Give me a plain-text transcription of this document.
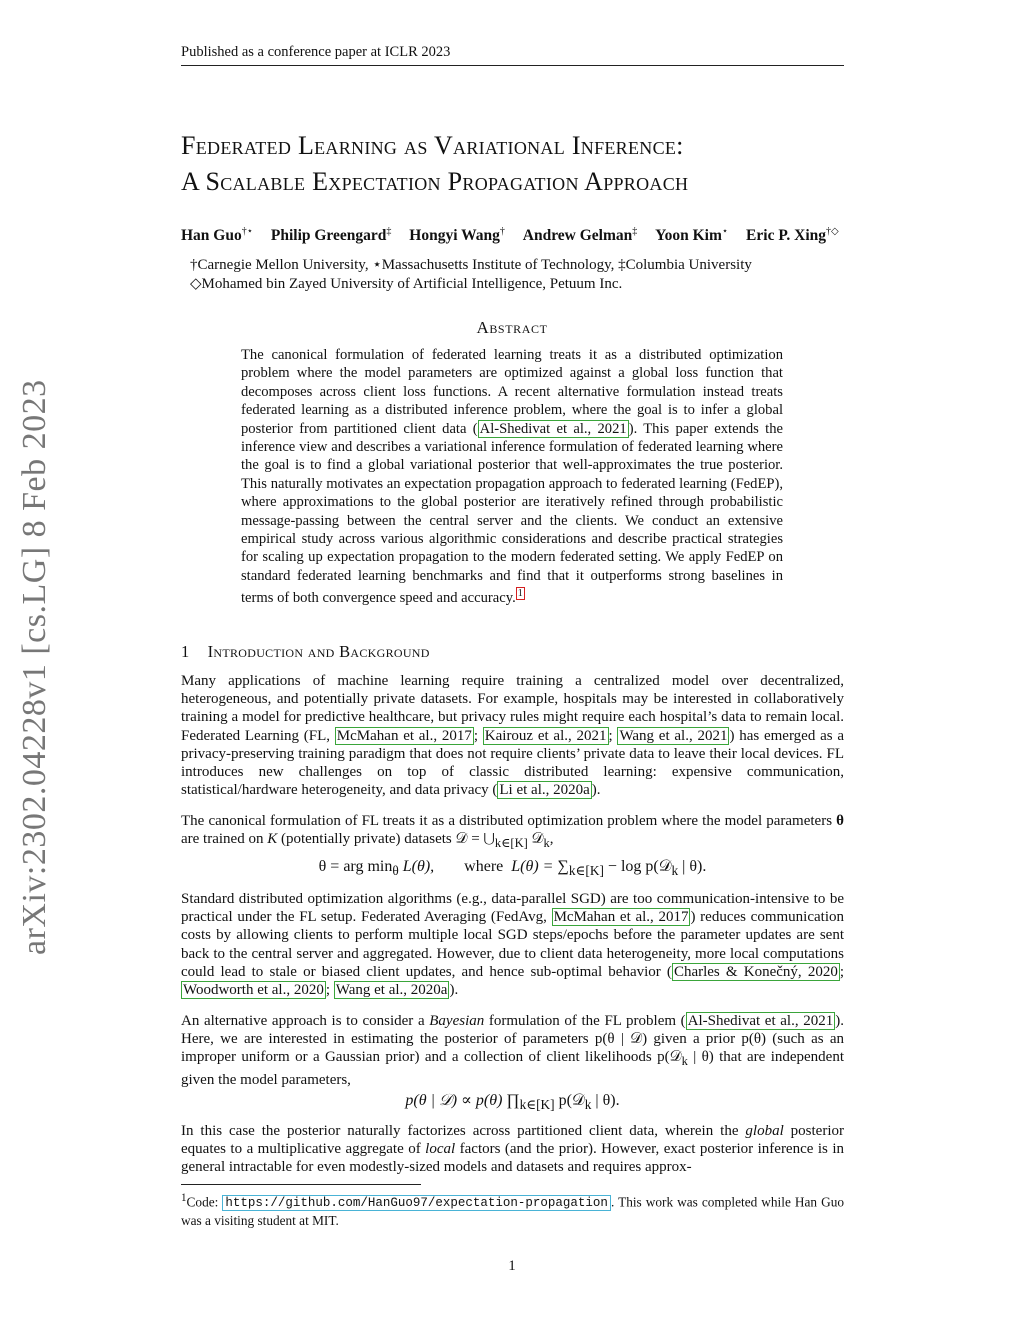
Published as a conference paper at ICLR 2023
arXiv:2302.04228v1 [cs.LG] 8 Feb 2023
Federated Learning as Variational Inference:
A Scalable Expectation Propagation Approach
Han Guo†⋆ Philip Greengard‡ Hongyi Wang† Andrew Gelman‡ Yoon Kim⋆ Eric P. Xing†◇
†Carnegie Mellon University, ⋆Massachusetts Institute of Technology, ‡Columbia University
◇Mohamed bin Zayed University of Artificial Intelligence, Petuum Inc.
Abstract
The canonical formulation of federated learning treats it as a distributed optimization problem where the model parameters are optimized against a global loss function that decomposes across client loss functions. A recent alternative formulation instead treats federated learning as a distributed inference problem, where the goal is to infer a global posterior from partitioned client data ( Al-Shedivat et al., 2021 ). This paper extends the inference view and describes a variational inference formulation of federated learning where the goal is to find a global variational posterior that well-approximates the true posterior. This naturally motivates an expectation propagation approach to federated learning (FedEP), where approximations to the global posterior are iteratively refined through probabilistic message-passing between the central server and the clients. We conduct an extensive empirical study across various algorithmic considerations and describe practical strategies for scaling up expectation propagation to the modern federated setting. We apply FedEP on standard federated learning benchmarks and find that it outperforms strong baselines in terms of both convergence speed and accuracy. $^1$
1 Introduction and Background
Many applications of machine learning require training a centralized model over decentralized, heterogeneous, and potentially private datasets. For example, hospitals may be interested in collaboratively training a model for predictive healthcare, but privacy rules might require each hospital’s data to remain local. Federated Learning (FL, McMahan et al., 2017 ; Kairouz et al., 2021 ; Wang et al., 2021 ) has emerged as a privacy-preserving training paradigm that does not require clients’ private data to leave their local devices. FL introduces new challenges on top of classic distributed learning: expensive communication, statistical/hardware heterogeneity, and data privacy ( Li et al., 2020a ).
The canonical formulation of FL treats it as a distributed optimization problem where the model parameters θ are trained on K (potentially private) datasets 𝒟 = $⋃_{k\in[K]}$ 𝒟$_k$,
θ = arg $\min_\theta L(\theta)$, where $L(\theta) = \sum_{k\in[K]} - \log$ p(𝒟$_k$ | θ).
Standard distributed optimization algorithms (e.g., data-parallel SGD) are too communication-intensive to be practical under the FL setup. Federated Averaging (FedAvg, McMahan et al., 2017 ) reduces communication costs by allowing clients to perform multiple local SGD steps/epochs before the parameter updates are sent back to the central server and aggregated. However, due to client data heterogeneity, more local computations could lead to stale or biased client updates, and hence sub-optimal behavior ( Charles & Konečný, 2020 ; Woodworth et al., 2020 ; Wang et al., 2020a ).
An alternative approach is to consider a Bayesian formulation of the FL problem ( Al-Shedivat et al., 2021 ). Here, we are interested in estimating the posterior of parameters p(θ | 𝒟) given a prior p(θ) (such as an improper uniform or a Gaussian prior) and a collection of client likelihoods p(𝒟$_k$ | θ) that are independent given the model parameters,
p(θ | 𝒟) ∝ p(θ) $\prod_{k\in[K]}$ p(𝒟$_k$ | θ).
In this case the posterior naturally factorizes across partitioned client data, wherein the global posterior equates to a multiplicative aggregate of local factors (and the prior). However, exact posterior inference is in general intractable for even modestly-sized models and datasets and requires approx-
$^1$Code: https://github.com/HanGuo97/expectation-propagation . This work was completed while Han Guo was a visiting student at MIT.
1
